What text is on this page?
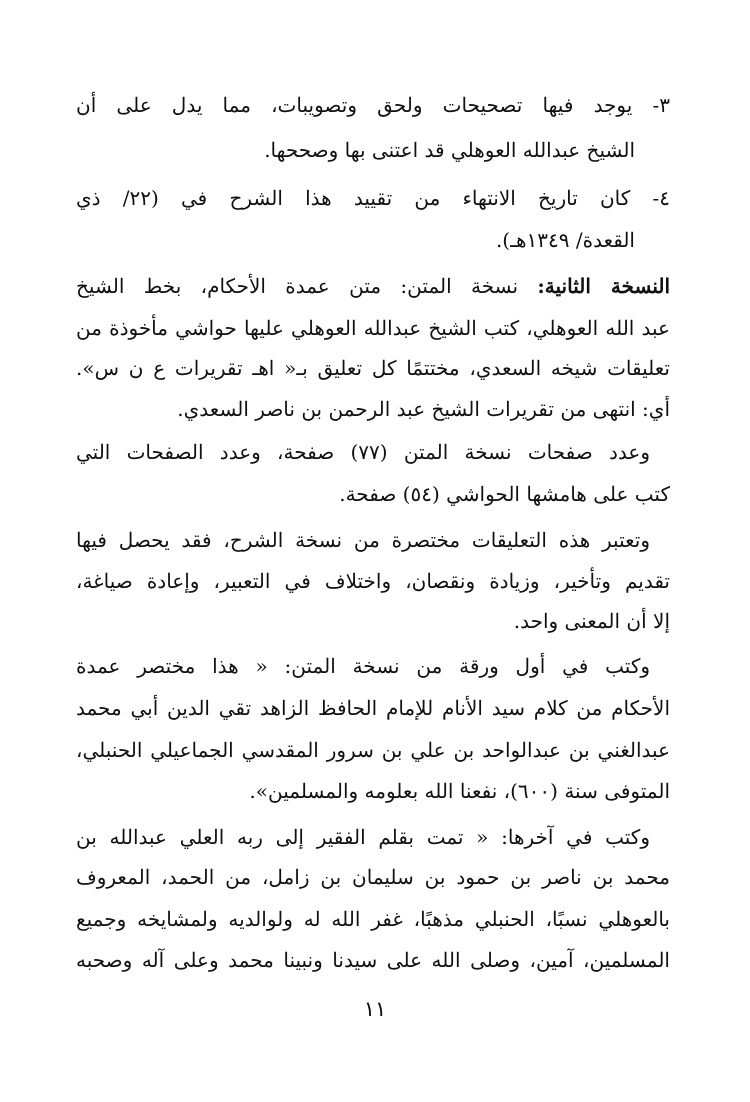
٣- يوجد فيها تصحيحات ولحق وتصويبات، مما يدل على أن
الشيخ عبدالله العوهلي قد اعتنى بها وصححها.
٤- كان تاريخ الانتهاء من تقييد هذا الشرح في (٢٢/ ذي
القعدة/ ١٣٤٩هـ).
النسخة الثانية: نسخة المتن: متن عمدة الأحكام، بخط الشيخ
عبد الله العوهلي، كتب الشيخ عبدالله العوهلي عليها حواشي مأخوذة من
تعليقات شيخه السعدي، مختتمًا كل تعليق بـ« اهـ تقريرات ع ن س».
أي: انتهى من تقريرات الشيخ عبد الرحمن بن ناصر السعدي.
وعدد صفحات نسخة المتن (٧٧) صفحة، وعدد الصفحات التي
كتب على هامشها الحواشي (٥٤) صفحة.
وتعتبر هذه التعليقات مختصرة من نسخة الشرح، فقد يحصل فيها
تقديم وتأخير، وزيادة ونقصان، واختلاف في التعبير، وإعادة صياغة،
إلا أن المعنى واحد.
وكتب في أول ورقة من نسخة المتن: « هذا مختصر عمدة
الأحكام من كلام سيد الأنام للإمام الحافظ الزاهد تقي الدين أبي محمد
عبدالغني بن عبدالواحد بن علي بن سرور المقدسي الجماعيلي الحنبلي،
المتوفى سنة (٦٠٠)، نفعنا الله بعلومه والمسلمين».
وكتب في آخرها: « تمت بقلم الفقير إلى ربه العلي عبدالله بن
محمد بن ناصر بن حمود بن سليمان بن زامل، من الحمد، المعروف
بالعوهلي نسبًا، الحنبلي مذهبًا، غفر الله له ولوالديه ولمشايخه وجميع
المسلمين، آمين، وصلى الله على سيدنا ونبينا محمد وعلى آله وصحبه
١١
